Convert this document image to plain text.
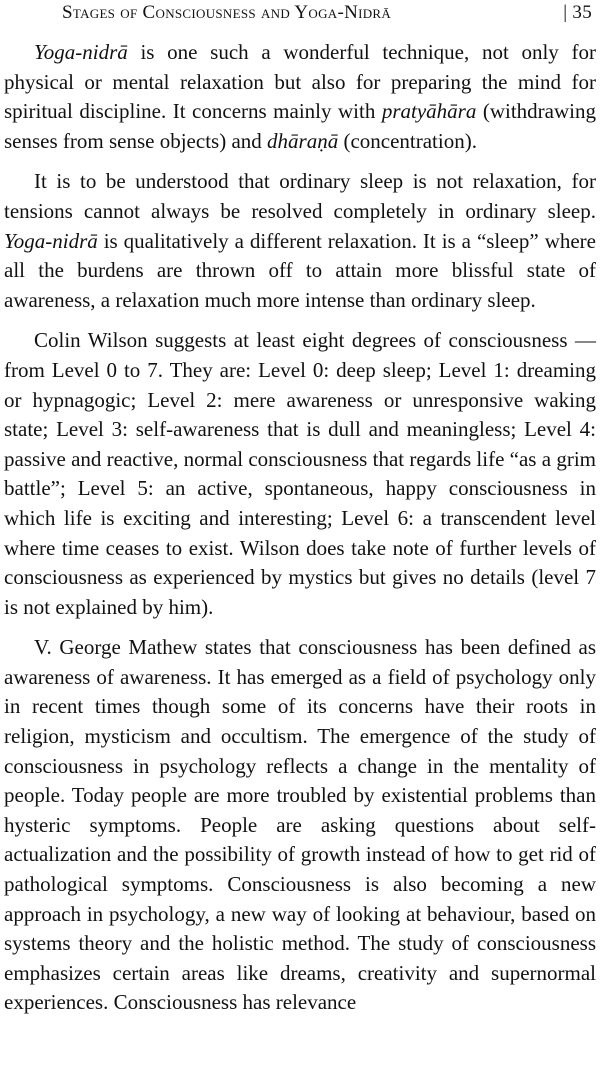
Stages of Consciousness and Yoga-Nidrā	| 35

Yoga-nidrā is one such a wonderful technique, not only for physical or mental relaxation but also for preparing the mind for spiritual discipline. It concerns mainly with pratyāhāra (withdrawing senses from sense objects) and dhāraṇā (concentration).

It is to be understood that ordinary sleep is not relaxation, for tensions cannot always be resolved completely in ordinary sleep. Yoga-nidrā is qualitatively a different relaxation. It is a “sleep” where all the burdens are thrown off to attain more blissful state of awareness, a relaxation much more intense than ordinary sleep.

Colin Wilson suggests at least eight degrees of consciousness — from Level 0 to 7. They are: Level 0: deep sleep; Level 1: dreaming or hypnagogic; Level 2: mere awareness or unresponsive waking state; Level 3: self-awareness that is dull and meaningless; Level 4: passive and reactive, normal consciousness that regards life “as a grim battle”; Level 5: an active, spontaneous, happy consciousness in which life is exciting and interesting; Level 6: a transcendent level where time ceases to exist. Wilson does take note of further levels of consciousness as experienced by mystics but gives no details (level 7 is not explained by him).

V. George Mathew states that consciousness has been defined as awareness of awareness. It has emerged as a field of psychology only in recent times though some of its concerns have their roots in religion, mysticism and occultism. The emergence of the study of consciousness in psychology reflects a change in the mentality of people. Today people are more troubled by existential problems than hysteric symptoms. People are asking questions about self-actualization and the possibility of growth instead of how to get rid of pathological symptoms. Consciousness is also becoming a new approach in psychology, a new way of looking at behaviour, based on systems theory and the holistic method. The study of consciousness emphasizes certain areas like dreams, creativity and supernormal experiences. Consciousness has relevance
